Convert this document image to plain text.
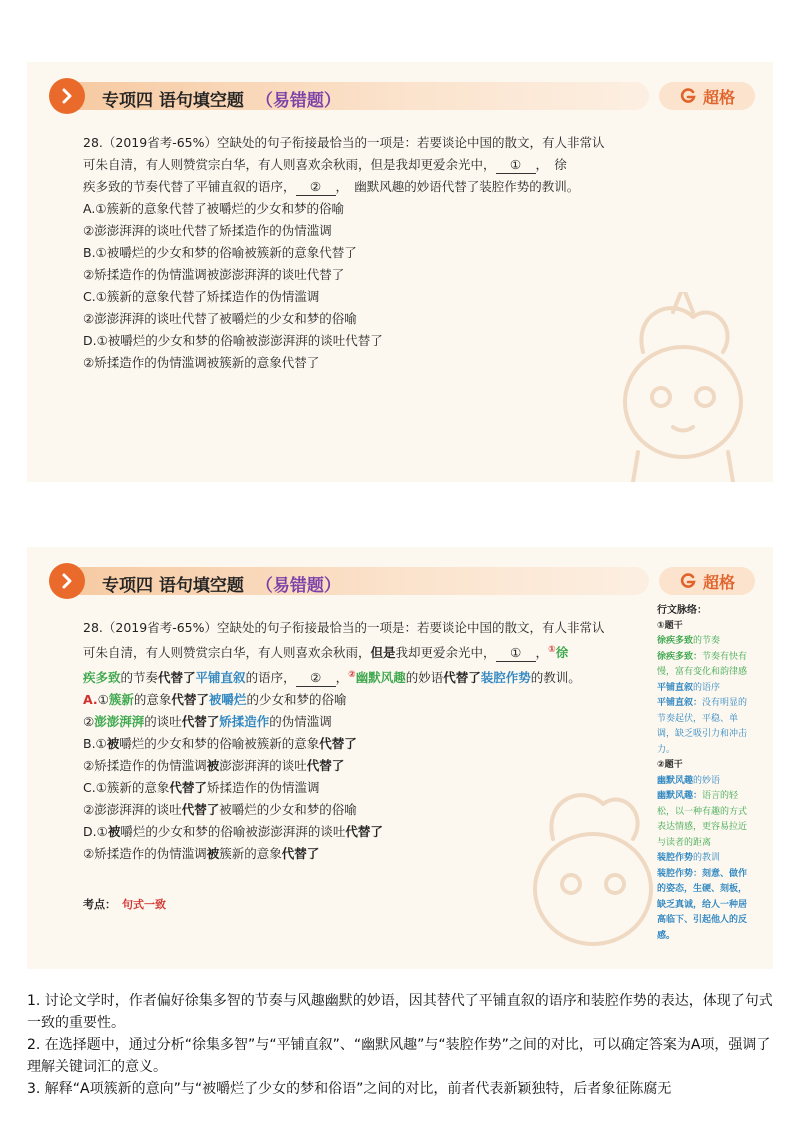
专项四 语句填空题 （易错题）	超格

28.（2019省考-65%）空缺处的句子衔接最恰当的一项是：若要谈论中国的散文，有人非常认

可朱自清，有人则赞赏宗白华，有人则喜欢余秋雨，但是我却更爱余光中， ① ，　徐

疾多致的节奏代替了平铺直叙的语序， ② ，　幽默风趣的妙语代替了装腔作势的教训。

A.①簇新的意象代替了被嚼烂的少女和梦的俗喻

②澎澎湃湃的谈吐代替了矫揉造作的伪情滥调

B.①被嚼烂的少女和梦的俗喻被簇新的意象代替了

②矫揉造作的伪情滥调被澎澎湃湃的谈吐代替了

C.①簇新的意象代替了矫揉造作的伪情滥调

②澎澎湃湃的谈吐代替了被嚼烂的少女和梦的俗喻

D.①被嚼烂的少女和梦的俗喻被澎澎湃湃的谈吐代替了

②矫揉造作的伪情滥调被簇新的意象代替了

专项四 语句填空题 （易错题）	超格

28.（2019省考-65%）空缺处的句子衔接最恰当的一项是：若要谈论中国的散文，有人非常认

可朱自清，有人则赞赏宗白华，有人则喜欢余秋雨，但是我却更爱余光中， ① ，①徐

疾多致的节奏代替了平铺直叙的语序， ② ，②幽默风趣的妙语代替了装腔作势的教训。

A.①簇新的意象代替了被嚼烂的少女和梦的俗喻

②澎澎湃湃的谈吐代替了矫揉造作的伪情滥调

B.①被嚼烂的少女和梦的俗喻被簇新的意象代替了

②矫揉造作的伪情滥调被澎澎湃湃的谈吐代替了

C.①簇新的意象代替了矫揉造作的伪情滥调

②澎澎湃湃的谈吐代替了被嚼烂的少女和梦的俗喻

D.①被嚼烂的少女和梦的俗喻被澎澎湃湃的谈吐代替了

②矫揉造作的伪情滥调被簇新的意象代替了

考点： 句式一致
行文脉络：
①题干
徐疾多致的节奏
徐疾多致：节奏有快有慢，富有变化和韵律感
平铺直叙的语序
平铺直叙：没有明显的节奏起伏，平稳、单调，缺乏吸引力和冲击力。
②题干
幽默风趣的妙语
幽默风趣：语言的轻松，以一种有趣的方式表达情感，更容易拉近与读者的距离
装腔作势的教训
装腔作势：刻意、做作的姿态，生硬、刻板，缺乏真诚，给人一种居高临下、引起他人的反感。

1. 讨论文学时，作者偏好徐集多智的节奏与风趣幽默的妙语，因其替代了平铺直叙的语序和装腔作势的表达，体现了句式一致的重要性。

2. 在选择题中，通过分析“徐集多智”与“平铺直叙”、“幽默风趣”与“装腔作势”之间的对比，可以确定答案为A项，强调了理解关键词汇的意义。

3. 解释“A项簇新的意向”与“被嚼烂了少女的梦和俗语”之间的对比，前者代表新颖独特，后者象征陈腐无
